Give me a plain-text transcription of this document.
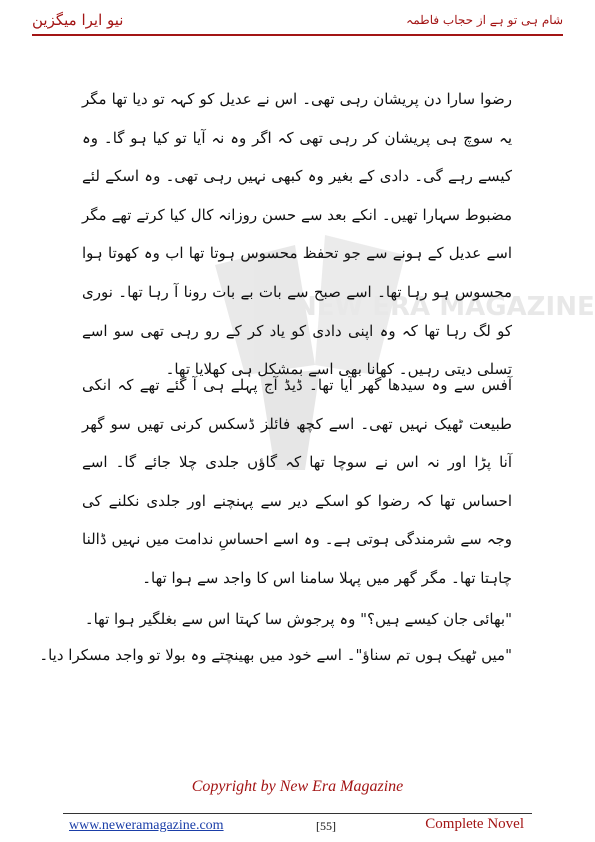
نیو ایرا میگزین	شام ہی تو ہے از حجاب فاطمہ
NEW ERA MAGAZINE

رضوا سارا دن پریشان رہی تھی۔ اس نے عدیل کو کہہ تو دیا تھا مگر یہ سوچ ہی پریشان کر رہی تھی کہ اگر وہ نہ آیا تو کیا ہو گا۔ وہ کیسے رہے گی۔ دادی کے بغیر وہ کبھی نہیں رہی تھی۔ وہ اسکے لئے مضبوط سہارا تھیں۔ انکے بعد سے حسن روزانہ کال کیا کرتے تھے مگر اسے عدیل کے ہونے سے جو تحفظ محسوس ہوتا تھا اب وہ کھوتا ہوا محسوس ہو رہا تھا۔ اسے صبح سے بات بے بات رونا آ رہا تھا۔ نوری کو لگ رہا تھا کہ وہ اپنی دادی کو یاد کر کے رو رہی تھی سو اسے تسلی دیتی رہیں۔ کھانا بھی اسے بمشکل ہی کھلایا تھا۔

آفس سے وہ سیدھا گھر آیا تھا۔ ڈیڈ آج پہلے ہی آ گئے تھے کہ انکی طبیعت ٹھیک نہیں تھی۔ اسے کچھ فائلز ڈسکس کرنی تھیں سو گھر آنا پڑا اور نہ اس نے سوچا تھا کہ گاؤں جلدی چلا جائے گا۔ اسے احساس تھا کہ رضوا کو اسکے دیر سے پہنچنے اور جلدی نکلنے کی وجہ سے شرمندگی ہوتی ہے۔ وہ اسے احساسِ ندامت میں نہیں ڈالنا چاہتا تھا۔ مگر گھر میں پہلا سامنا اس کا واجد سے ہوا تھا۔

"بھائی جان کیسے ہیں؟" وہ پرجوش سا کہتا اس سے بغلگیر ہوا تھا۔
"میں ٹھیک ہوں تم سناؤ"۔ اسے خود میں بھینچتے وہ بولا تو واجد مسکرا دیا۔
Copyright by New Era Magazine
www.neweramagazine.com	[55]	Complete Novel
